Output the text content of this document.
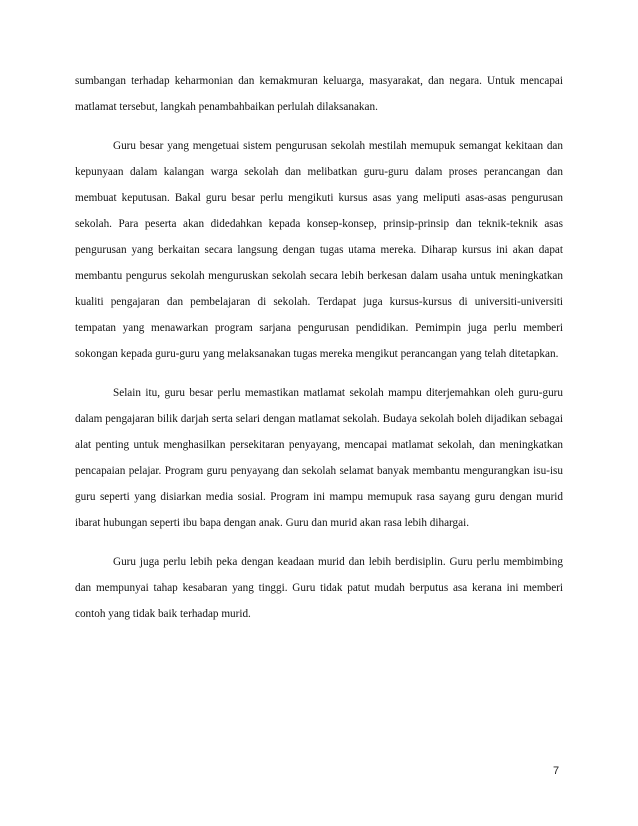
sumbangan terhadap keharmonian dan kemakmuran keluarga, masyarakat, dan negara. Untuk mencapai matlamat tersebut, langkah penambahbaikan perlulah dilaksanakan.

Guru besar yang mengetuai sistem pengurusan sekolah mestilah memupuk semangat kekitaan dan kepunyaan dalam kalangan warga sekolah dan melibatkan guru-guru dalam proses perancangan dan membuat keputusan. Bakal guru besar perlu mengikuti kursus asas yang meliputi asas-asas pengurusan sekolah. Para peserta akan didedahkan kepada konsep-konsep, prinsip-prinsip dan teknik-teknik asas pengurusan yang berkaitan secara langsung dengan tugas utama mereka. Diharap kursus ini akan dapat membantu pengurus sekolah menguruskan sekolah secara lebih berkesan dalam usaha untuk meningkatkan kualiti pengajaran dan pembelajaran di sekolah. Terdapat juga kursus-kursus di universiti-universiti tempatan yang menawarkan program sarjana pengurusan pendidikan. Pemimpin juga perlu memberi sokongan kepada guru-guru yang melaksanakan tugas mereka mengikut perancangan yang telah ditetapkan.

Selain itu, guru besar perlu memastikan matlamat sekolah mampu diterjemahkan oleh guru-guru dalam pengajaran bilik darjah serta selari dengan matlamat sekolah. Budaya sekolah boleh dijadikan sebagai alat penting untuk menghasilkan persekitaran penyayang, mencapai matlamat sekolah, dan meningkatkan pencapaian pelajar. Program guru penyayang dan sekolah selamat banyak membantu mengurangkan isu-isu guru seperti yang disiarkan media sosial. Program ini mampu memupuk rasa sayang guru dengan murid ibarat hubungan seperti ibu bapa dengan anak. Guru dan murid akan rasa lebih dihargai.

Guru juga perlu lebih peka dengan keadaan murid dan lebih berdisiplin. Guru perlu membimbing dan mempunyai tahap kesabaran yang tinggi. Guru tidak patut mudah berputus asa kerana ini memberi contoh yang tidak baik terhadap murid.

7
